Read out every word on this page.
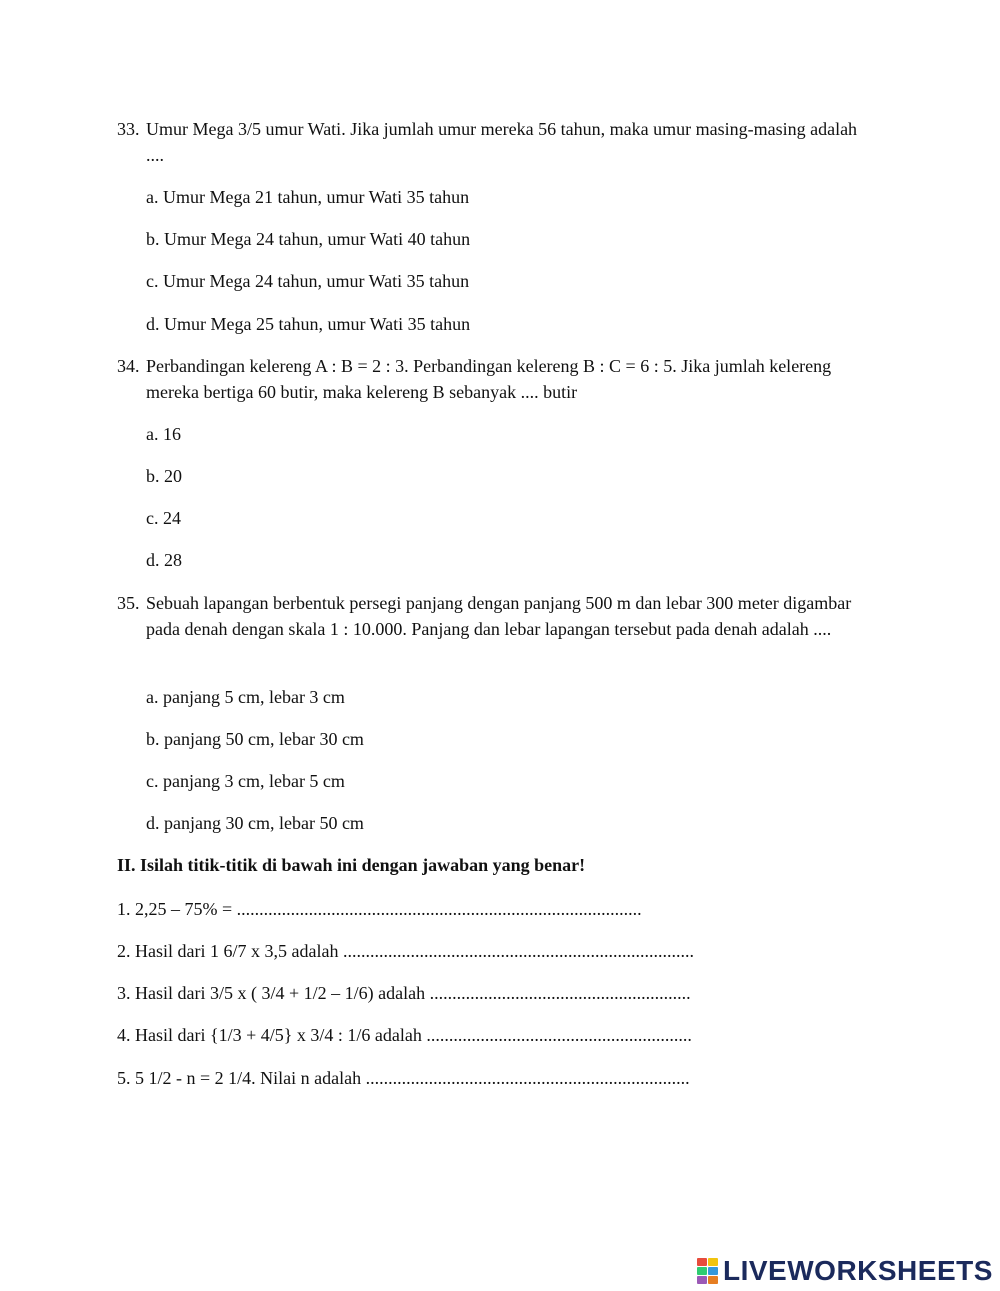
33. Umur Mega 3/5 umur Wati. Jika jumlah umur mereka 56 tahun, maka umur masing-masing adalah ....
a. Umur Mega 21 tahun, umur Wati 35 tahun
b. Umur Mega 24 tahun, umur Wati 40 tahun
c. Umur Mega 24 tahun, umur Wati 35 tahun
d. Umur Mega 25 tahun, umur Wati 35 tahun
34. Perbandingan kelereng A : B = 2 : 3. Perbandingan kelereng B : C = 6 : 5. Jika jumlah kelereng mereka bertiga 60 butir, maka kelereng B sebanyak .... butir
a. 16
b. 20
c. 24
d. 28
35. Sebuah lapangan berbentuk persegi panjang dengan panjang 500 m dan lebar 300 meter digambar pada denah dengan skala 1 : 10.000. Panjang dan lebar lapangan tersebut pada denah adalah ....
a. panjang 5 cm, lebar 3 cm
b. panjang 50 cm, lebar 30 cm
c. panjang 3 cm, lebar 5 cm
d. panjang 30 cm, lebar 50 cm
II. Isilah titik-titik di bawah ini dengan jawaban yang benar!
1. 2,25 – 75% = ..........................................................................................
2. Hasil dari 1 6/7 x 3,5 adalah ..............................................................................
3. Hasil dari 3/5 x ( 3/4 + 1/2 – 1/6) adalah ..........................................................
4. Hasil dari {1/3 + 4/5} x 3/4 : 1/6 adalah ...........................................................
5. 5 1/2 - n = 2 1/4. Nilai n adalah ........................................................................
LIVEWORKSHEETS
